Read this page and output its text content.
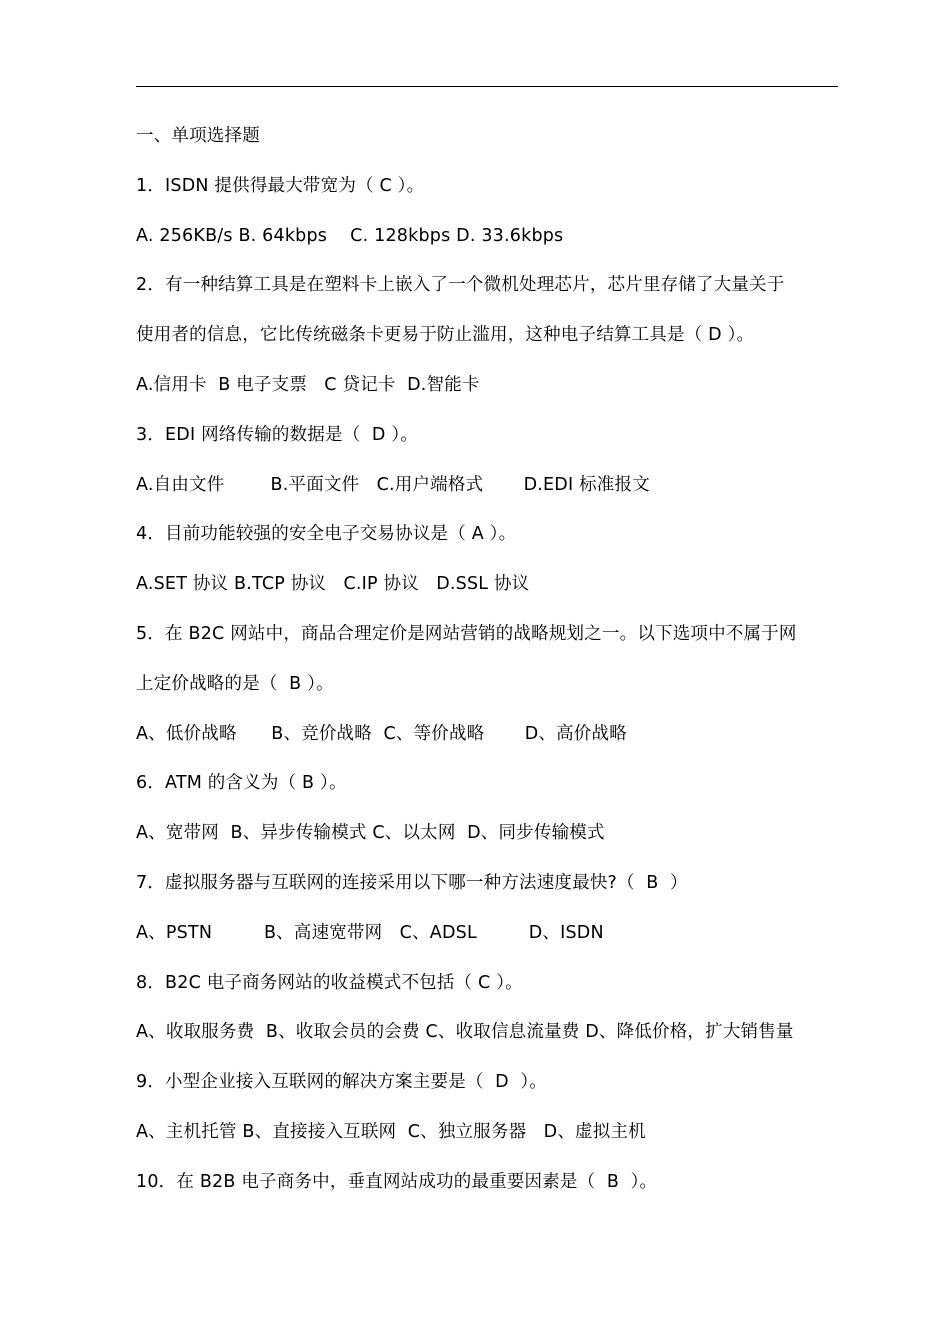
一、单项选择题
1．ISDN 提供得最大带宽为（ C ）。
A. 256KB/s B. 64kbps    C. 128kbps D. 33.6kbps
2．有一种结算工具是在塑料卡上嵌入了一个微机处理芯片，芯片里存储了大量关于
使用者的信息，它比传统磁条卡更易于防止滥用，这种电子结算工具是（ D ）。
A.信用卡  B 电子支票   C 贷记卡  D.智能卡
3．EDI 网络传输的数据是（  D ）。
A.自由文件        B.平面文件   C.用户端格式       D.EDI 标准报文
4．目前功能较强的安全电子交易协议是（ A ）。
A.SET 协议 B.TCP 协议   C.IP 协议   D.SSL 协议
5．在 B2C 网站中，商品合理定价是网站营销的战略规划之一。以下选项中不属于网
上定价战略的是（  B ）。
A、低价战略      B、竞价战略  C、等价战略       D、高价战略
6．ATM 的含义为（ B ）。
A、宽带网  B、异步传输模式 C、以太网  D、同步传输模式
7．虚拟服务器与互联网的连接采用以下哪一种方法速度最快?（  B  ）
A、PSTN         B、高速宽带网   C、ADSL         D、ISDN
8．B2C 电子商务网站的收益模式不包括（ C ）。
A、收取服务费  B、收取会员的会费 C、收取信息流量费 D、降低价格，扩大销售量
9．小型企业接入互联网的解决方案主要是（  D  ）。
A、主机托管 B、直接接入互联网  C、独立服务器   D、虚拟主机
10．在 B2B 电子商务中，垂直网站成功的最重要因素是（  B  ）。
